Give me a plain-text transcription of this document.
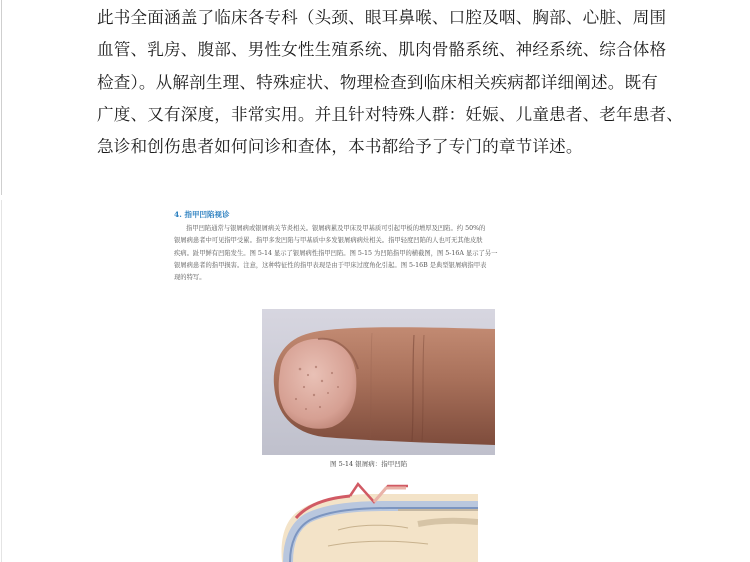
此书全面涵盖了临床各专科（头颈、眼耳鼻喉、口腔及咽、胸部、心脏、周围

血管、乳房、腹部、男性女性生殖系统、肌肉骨骼系统、神经系统、综合体格

检查）。从解剖生理、特殊症状、物理检查到临床相关疾病都详细阐述。既有

广度、又有深度，非常实用。并且针对特殊人群：妊娠、儿童患者、老年患者、

急诊和创伤患者如何问诊和查体，本书都给予了专门的章节详述。

4. 指甲凹陷视诊

指甲凹陷通常与银屑病或银屑病关节炎相关。银屑病累及甲床及甲基质可引起甲板的增厚及凹陷。约 50%的

银屑病患者中可见指甲受累。指甲多发凹陷与甲基质中多发银屑病病灶相关。指甲轻度凹陷的人也可无其他皮肤

疾病。趾甲鲜有凹陷发生。图 5-14 显示了银屑病性指甲凹陷。图 5-15 为凹陷指甲的横截图，图 5-16A 显示了另一

银屑病患者的指甲损害。注意，这种特征性的指甲表现是由于甲床过度角化引起。图 5-16B 是典型银屑病指甲表

现的特写。

图 5-14 银屑病：指甲凹陷
